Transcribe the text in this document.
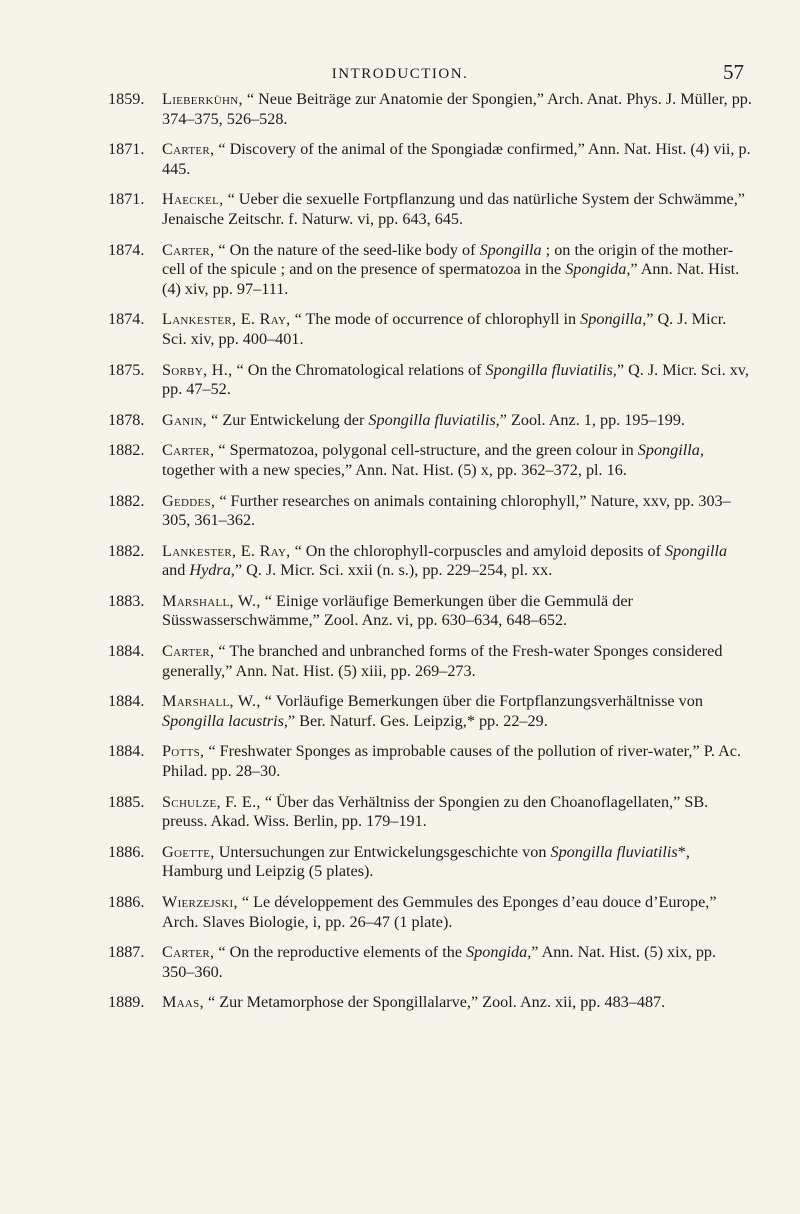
INTRODUCTION.	57
1859. Lieberkühn, “ Neue Beiträge zur Anatomie der Spongien,” Arch. Anat. Phys. J. Müller, pp. 374–375, 526–528.
1871. Carter, “ Discovery of the animal of the Spongiadæ confirmed,” Ann. Nat. Hist. (4) vii, p. 445.
1871. Haeckel, “ Ueber die sexuelle Fortpflanzung und das natürliche System der Schwämme,” Jenaische Zeitschr. f. Naturw. vi, pp. 643, 645.
1874. Carter, “ On the nature of the seed-like body of Spongilla ; on the origin of the mother-cell of the spicule ; and on the presence of spermatozoa in the Spongida,” Ann. Nat. Hist. (4) xiv, pp. 97–111.
1874. Lankester, E. Ray, “ The mode of occurrence of chlorophyll in Spongilla,” Q. J. Micr. Sci. xiv, pp. 400–401.
1875. Sorby, H., “ On the Chromatological relations of Spongilla fluviatilis,” Q. J. Micr. Sci. xv, pp. 47–52.
1878. Ganin, “ Zur Entwickelung der Spongilla fluviatilis,” Zool. Anz. 1, pp. 195–199.
1882. Carter, “ Spermatozoa, polygonal cell-structure, and the green colour in Spongilla, together with a new species,” Ann. Nat. Hist. (5) x, pp. 362–372, pl. 16.
1882. Geddes, “ Further researches on animals containing chlorophyll,” Nature, xxv, pp. 303–305, 361–362.
1882. Lankester, E. Ray, “ On the chlorophyll-corpuscles and amyloid deposits of Spongilla and Hydra,” Q. J. Micr. Sci. xxii (n. s.), pp. 229–254, pl. xx.
1883. Marshall, W., “ Einige vorläufige Bemerkungen über die Gemmulä der Süsswasserschwämme,” Zool. Anz. vi, pp. 630–634, 648–652.
1884. Carter, “ The branched and unbranched forms of the Fresh-water Sponges considered generally,” Ann. Nat. Hist. (5) xiii, pp. 269–273.
1884. Marshall, W., “ Vorläufige Bemerkungen über die Fortpflanzungsverhältnisse von Spongilla lacustris,” Ber. Naturf. Ges. Leipzig,* pp. 22–29.
1884. Potts, “ Freshwater Sponges as improbable causes of the pollution of river-water,” P. Ac. Philad. pp. 28–30.
1885. Schulze, F. E., “ Über das Verhältniss der Spongien zu den Choanoflagellaten,” SB. preuss. Akad. Wiss. Berlin, pp. 179–191.
1886. Goette, Untersuchungen zur Entwickelungsgeschichte von Spongilla fluviatilis*, Hamburg und Leipzig (5 plates).
1886. Wierzejski, “ Le développement des Gemmules des Eponges d’eau douce d’Europe,” Arch. Slaves Biologie, i, pp. 26–47 (1 plate).
1887. Carter, “ On the reproductive elements of the Spongida,” Ann. Nat. Hist. (5) xix, pp. 350–360.
1889. Maas, “ Zur Metamorphose der Spongillalarve,” Zool. Anz. xii, pp. 483–487.
